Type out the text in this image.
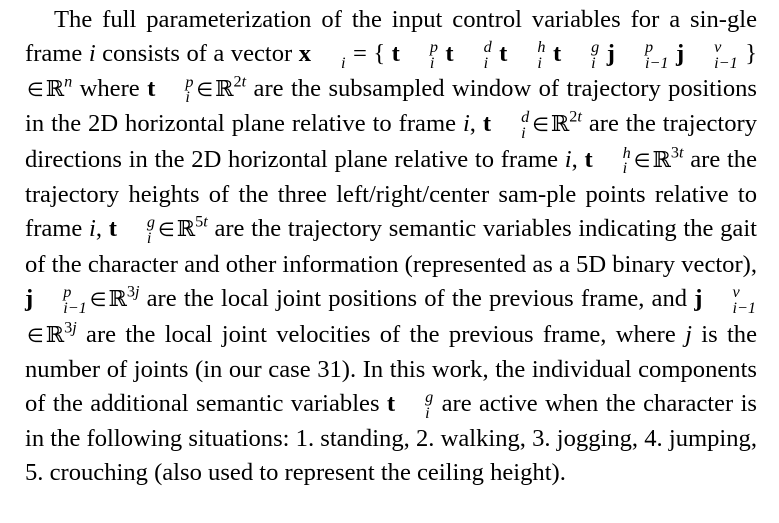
The full parameterization of the input control variables for a sin-gle frame i consists of a vector x
	i = { t	p
i t	d
i t	h
i t	g
i j	p
i−1 j	v
i−1 }∈ℝ$^n$ where t	p
i ∈ℝ$^{2t}$ are the subsampled window of trajectory positions in the 2D horizontal plane relative to frame i, t	d
i ∈ℝ$^{2t}$ are the trajectory directions in the 2D horizontal plane relative to frame i, t	h
i ∈ℝ$^{3t}$ are the trajectory heights of the three left/right/center sam-ple points relative to frame i, t	g
i ∈ℝ$^{5t}$ are the trajectory semantic variables indicating the gait of the character and other information (represented as a 5D binary vector), j	p
i−1 ∈ℝ$^{3j}$ are the local joint positions of the previous frame, and j	v
i−1
∈ℝ$^{3j}$ are the local joint velocities of the previous frame, where j is the number of joints (in our case 31). In this work, the individual components of the additional semantic variables t	g
i are active when the character is in the following situations: 1. standing, 2. walking, 3. jogging, 4. jumping, 5. crouching (also used to represent the ceiling height).
